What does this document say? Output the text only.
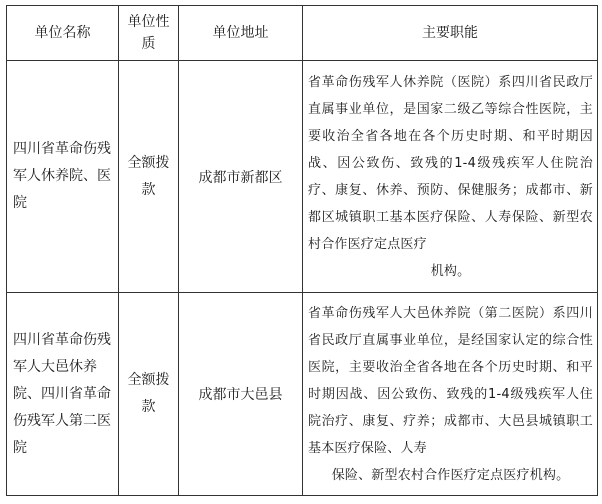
单位名称	单位性质	单位地址	主要职能
四川省革命伤残军人休养院、医院	全额拨款	成都市新都区	省革命伤残军人休养院（医院）系四川省民政厅直属事业单位，是国家二级乙等综合性医院，主要收治全省各地在各个历史时期、和平时期因战、因公致伤、致残的1-4级残疾军人住院治疗、康复、休养、预防、保健服务；成都市、新都区城镇职工基本医疗保险、人寿保险、新型农村合作医疗定点医疗
机构。

四川省革命伤残军人大邑休养院、四川省革命伤残军人第二医院	全额拨款	成都市大邑县	省革命伤残军人大邑休养院（第二医院）系四川省民政厅直属事业单位，是经国家认定的综合性医院，主要收治全省各地在各个历史时期、和平时期因战、因公致伤、致残的1-4级残疾军人住院治疗、康复、疗养；成都市、大邑县城镇职工基本医疗保险、人寿
保险、新型农村合作医疗定点医疗机构。
